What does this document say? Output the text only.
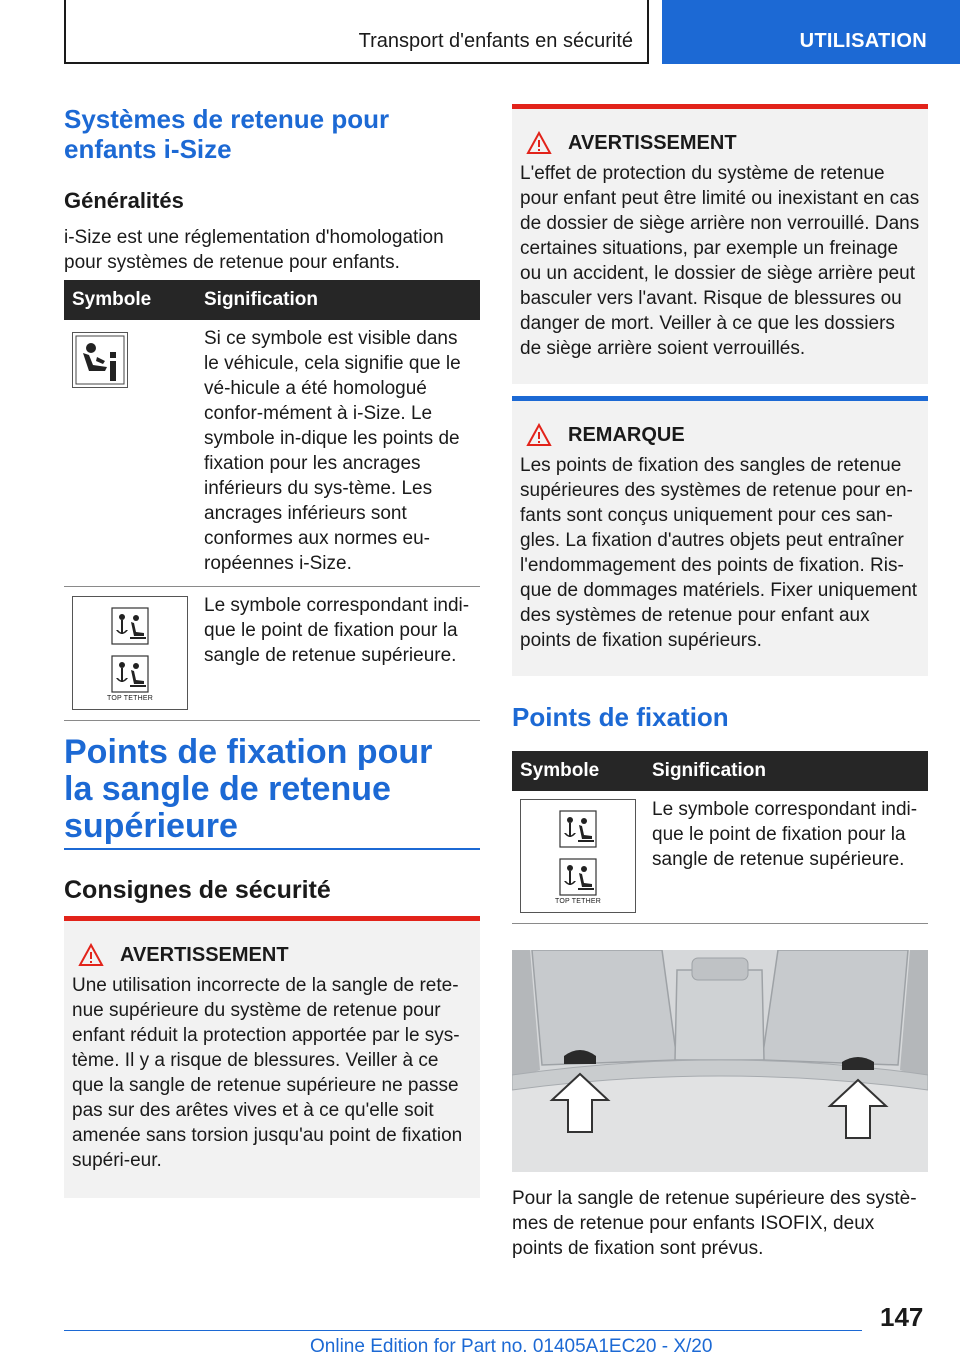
Transport d'enfants en sécurité	UTILISATION
Systèmes de retenue pour enfants i-Size
Généralités

i-Size est une réglementation d'homologation pour systèmes de retenue pour enfants.

Symbole	Signification

	Si ce symbole est visible dans le véhicule, cela signifie que le vé-hicule a été homologué confor-mément à i-Size. Le symbole in-dique les points de fixation pour les ancrages inférieurs du sys-tème. Les ancrages inférieurs sont conformes aux normes eu-ropéennes i-Size.

TOP TETHER	Le symbole correspondant indi-que le point de fixation pour la sangle de retenue supérieure.
Points de fixation pour la sangle de retenue supérieure
Consignes de sécurité
AVERTISSEMENT

Une utilisation incorrecte de la sangle de rete-nue supérieure du système de retenue pour enfant réduit la protection apportée par le sys-tème. Il y a risque de blessures. Veiller à ce que la sangle de retenue supérieure ne passe pas sur des arêtes vives et à ce qu'elle soit amenée sans torsion jusqu'au point de fixation supéri-eur.

AVERTISSEMENT

L'effet de protection du système de retenue pour enfant peut être limité ou inexistant en cas de dossier de siège arrière non verrouillé. Dans certaines situations, par exemple un freinage ou un accident, le dossier de siège arrière peut basculer vers l'avant. Risque de blessures ou danger de mort. Veiller à ce que les dossiers de siège arrière soient verrouillés.

REMARQUE

Les points de fixation des sangles de retenue supérieures des systèmes de retenue pour en-fants sont conçus uniquement pour ces san-gles. La fixation d'autres objets peut entraîner l'endommagement des points de fixation. Ris-que de dommages matériels. Fixer uniquement des systèmes de retenue pour enfant aux points de fixation supérieurs.

Points de fixation
Symbole	Signification

TOP TETHER	Le symbole correspondant indi-que le point de fixation pour la sangle de retenue supérieure.

Pour la sangle de retenue supérieure des systè-mes de retenue pour enfants ISOFIX, deux points de fixation sont prévus.

147
Online Edition for Part no. 01405A1EC20 - X/20
